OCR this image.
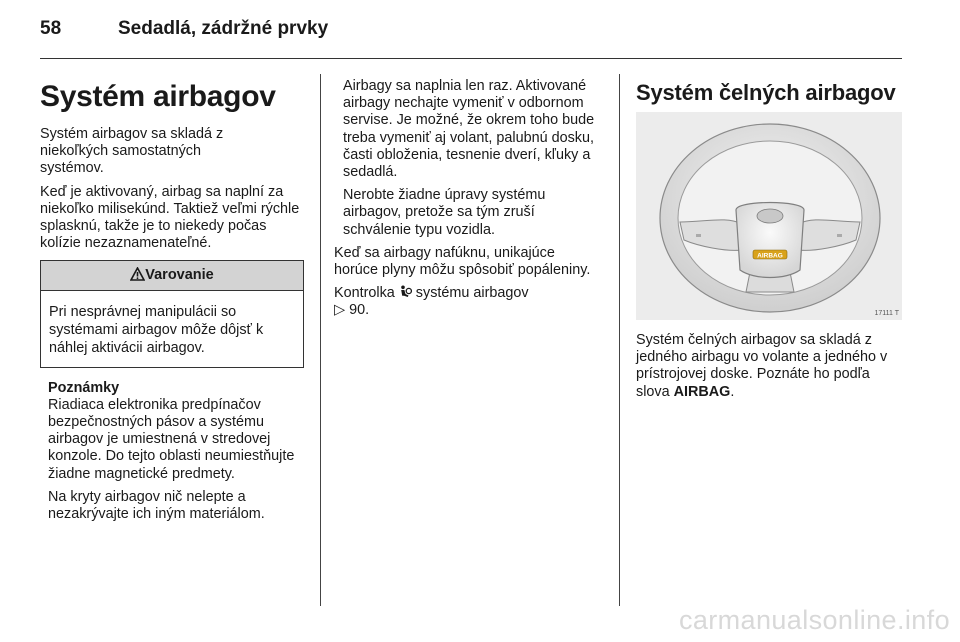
58	Sedadlá, zádržné prvky
Systém airbagov

Systém airbagov sa skladá z niekoľkých samostatných systémov.

Keď je aktivovaný, airbag sa naplní za niekoľko milisekúnd. Taktiež veľmi rýchle splasknú, takže je to niekedy počas kolízie nezaznamenateľné.

Varovanie
Pri nesprávnej manipulácii so systémami airbagov môže dôjsť k náhlej aktivácii airbagov.

Poznámky

Riadiaca elektronika predpínačov bezpečnostných pásov a systému airbagov je umiestnená v stredovej konzole. Do tejto oblasti neumiestňujte žiadne magnetické predmety.

Na kryty airbagov nič nelepte a nezakrývajte ich iným materiálom.

Airbagy sa naplnia len raz. Aktivované airbagy nechajte vymeniť v odbornom servise. Je možné, že okrem toho bude treba vymeniť aj volant, palubnú dosku, časti obloženia, tesnenie dverí, kľuky a sedadlá.

Nerobte žiadne úpravy systému airbagov, pretože sa tým zruší schválenie typu vozidla.

Keď sa airbagy nafúknu, unikajúce horúce plyny môžu spôsobiť popáleniny.

Kontrolka systému airbagov
▷ 90.

Systém čelných airbagov
AIRBAG
17111 T

Systém čelných airbagov sa skladá z jedného airbagu vo volante a jedného v prístrojovej doske. Poznáte ho podľa slova AIRBAG.

carmanualsonline.info
